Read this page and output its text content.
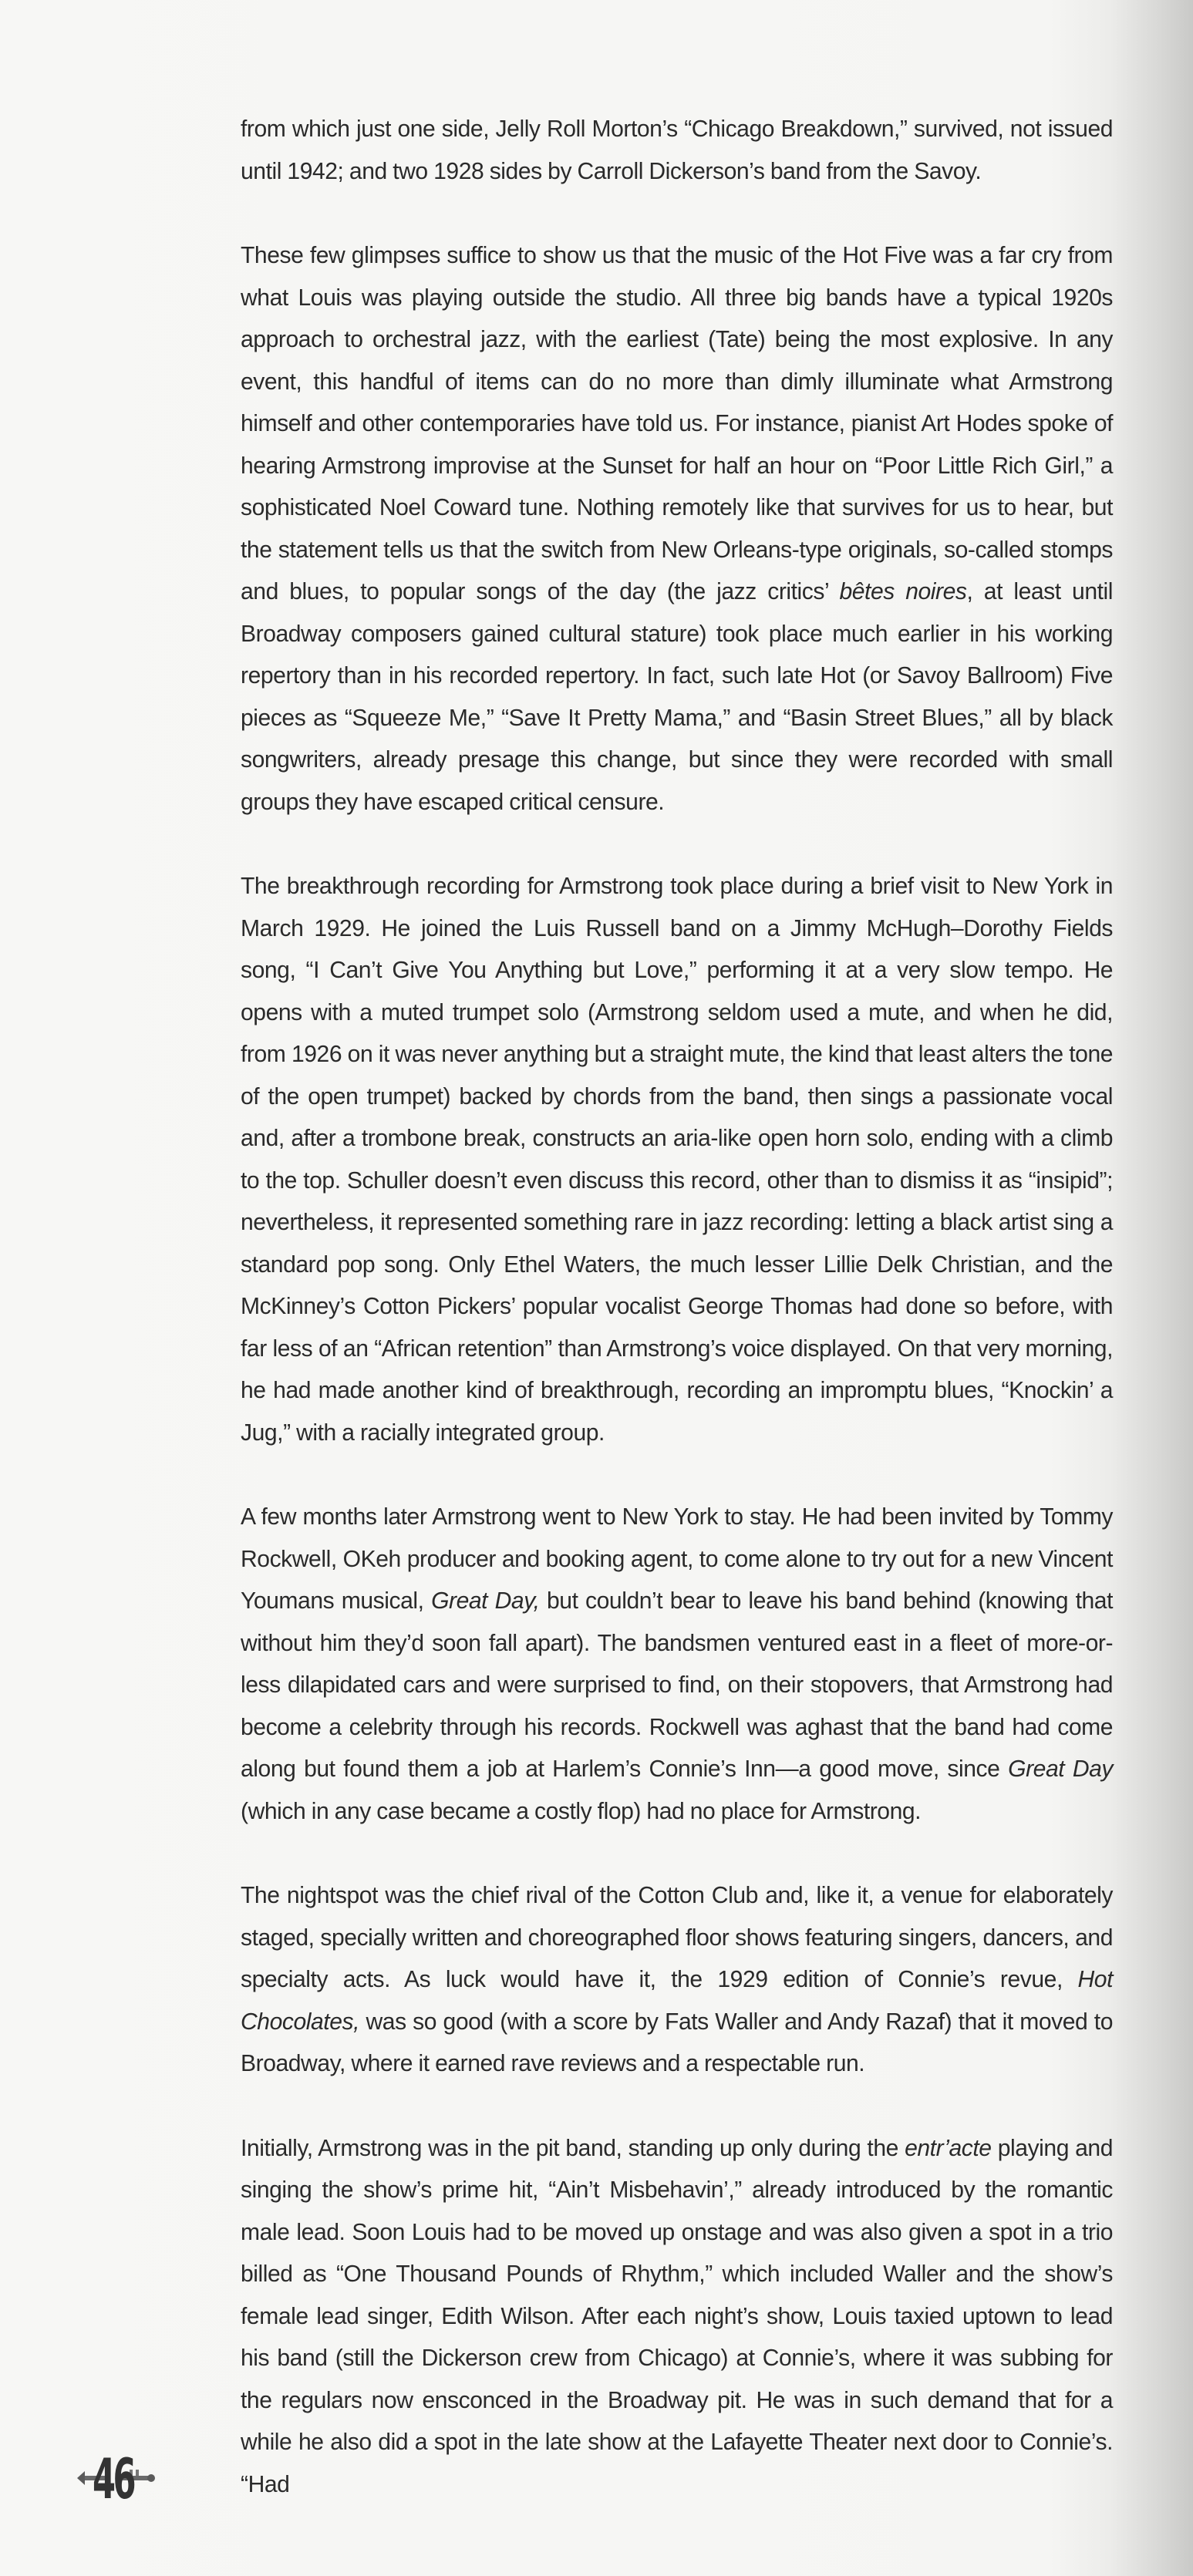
from which just one side, Jelly Roll Morton’s “Chicago Breakdown,” survived, not issued until 1942; and two 1928 sides by Carroll Dickerson’s band from the Savoy.

These few glimpses suffice to show us that the music of the Hot Five was a far cry from what Louis was playing outside the studio. All three big bands have a typical 1920s approach to orchestral jazz, with the earliest (Tate) being the most explosive. In any event, this handful of items can do no more than dimly illuminate what Armstrong himself and other contemporaries have told us. For instance, pianist Art Hodes spoke of hearing Armstrong improvise at the Sunset for half an hour on “Poor Little Rich Girl,” a sophisticated Noel Coward tune. Nothing remotely like that survives for us to hear, but the statement tells us that the switch from New Orleans-type originals, so-called stomps and blues, to popular songs of the day (the jazz critics’ bêtes noires, at least until Broadway composers gained cultural stature) took place much earlier in his working repertory than in his recorded repertory. In fact, such late Hot (or Savoy Ballroom) Five pieces as “Squeeze Me,” “Save It Pretty Mama,” and “Basin Street Blues,” all by black songwriters, already presage this change, but since they were recorded with small groups they have escaped critical censure.

The breakthrough recording for Armstrong took place during a brief visit to New York in March 1929. He joined the Luis Russell band on a Jimmy McHugh–Dorothy Fields song, “I Can’t Give You Anything but Love,” performing it at a very slow tempo. He opens with a muted trumpet solo (Armstrong seldom used a mute, and when he did, from 1926 on it was never anything but a straight mute, the kind that least alters the tone of the open trumpet) backed by chords from the band, then sings a passionate vocal and, after a trombone break, constructs an aria-like open horn solo, ending with a climb to the top. Schuller doesn’t even discuss this record, other than to dismiss it as “insipid”; nevertheless, it represented something rare in jazz recording: letting a black artist sing a standard pop song. Only Ethel Waters, the much lesser Lillie Delk Christian, and the McKinney’s Cotton Pickers’ popular vocalist George Thomas had done so before, with far less of an “African retention” than Armstrong’s voice displayed. On that very morning, he had made another kind of breakthrough, recording an impromptu blues, “Knockin’ a Jug,” with a racially integrated group.

A few months later Armstrong went to New York to stay. He had been invited by Tommy Rockwell, OKeh producer and booking agent, to come alone to try out for a new Vincent Youmans musical, Great Day, but couldn’t bear to leave his band behind (knowing that without him they’d soon fall apart). The bandsmen ventured east in a fleet of more-or-less dilapidated cars and were surprised to find, on their stopovers, that Armstrong had become a celebrity through his records. Rockwell was aghast that the band had come along but found them a job at Harlem’s Connie’s Inn—a good move, since Great Day (which in any case became a costly flop) had no place for Armstrong.

The nightspot was the chief rival of the Cotton Club and, like it, a venue for elaborately staged, specially written and choreographed floor shows featuring singers, dancers, and specialty acts. As luck would have it, the 1929 edition of Connie’s revue, Hot Chocolates, was so good (with a score by Fats Waller and Andy Razaf) that it moved to Broadway, where it earned rave reviews and a respectable run.

Initially, Armstrong was in the pit band, standing up only during the entr’acte playing and singing the show’s prime hit, “Ain’t Misbehavin’,” already introduced by the romantic male lead. Soon Louis had to be moved up onstage and was also given a spot in a trio billed as “One Thousand Pounds of Rhythm,” which included Waller and the show’s female lead singer, Edith Wilson. After each night’s show, Louis taxied uptown to lead his band (still the Dickerson crew from Chicago) at Connie’s, where it was subbing for the regulars now ensconced in the Broadway pit. He was in such demand that for a while he also did a spot in the late show at the Lafayette Theater next door to Connie’s. “Had

46
